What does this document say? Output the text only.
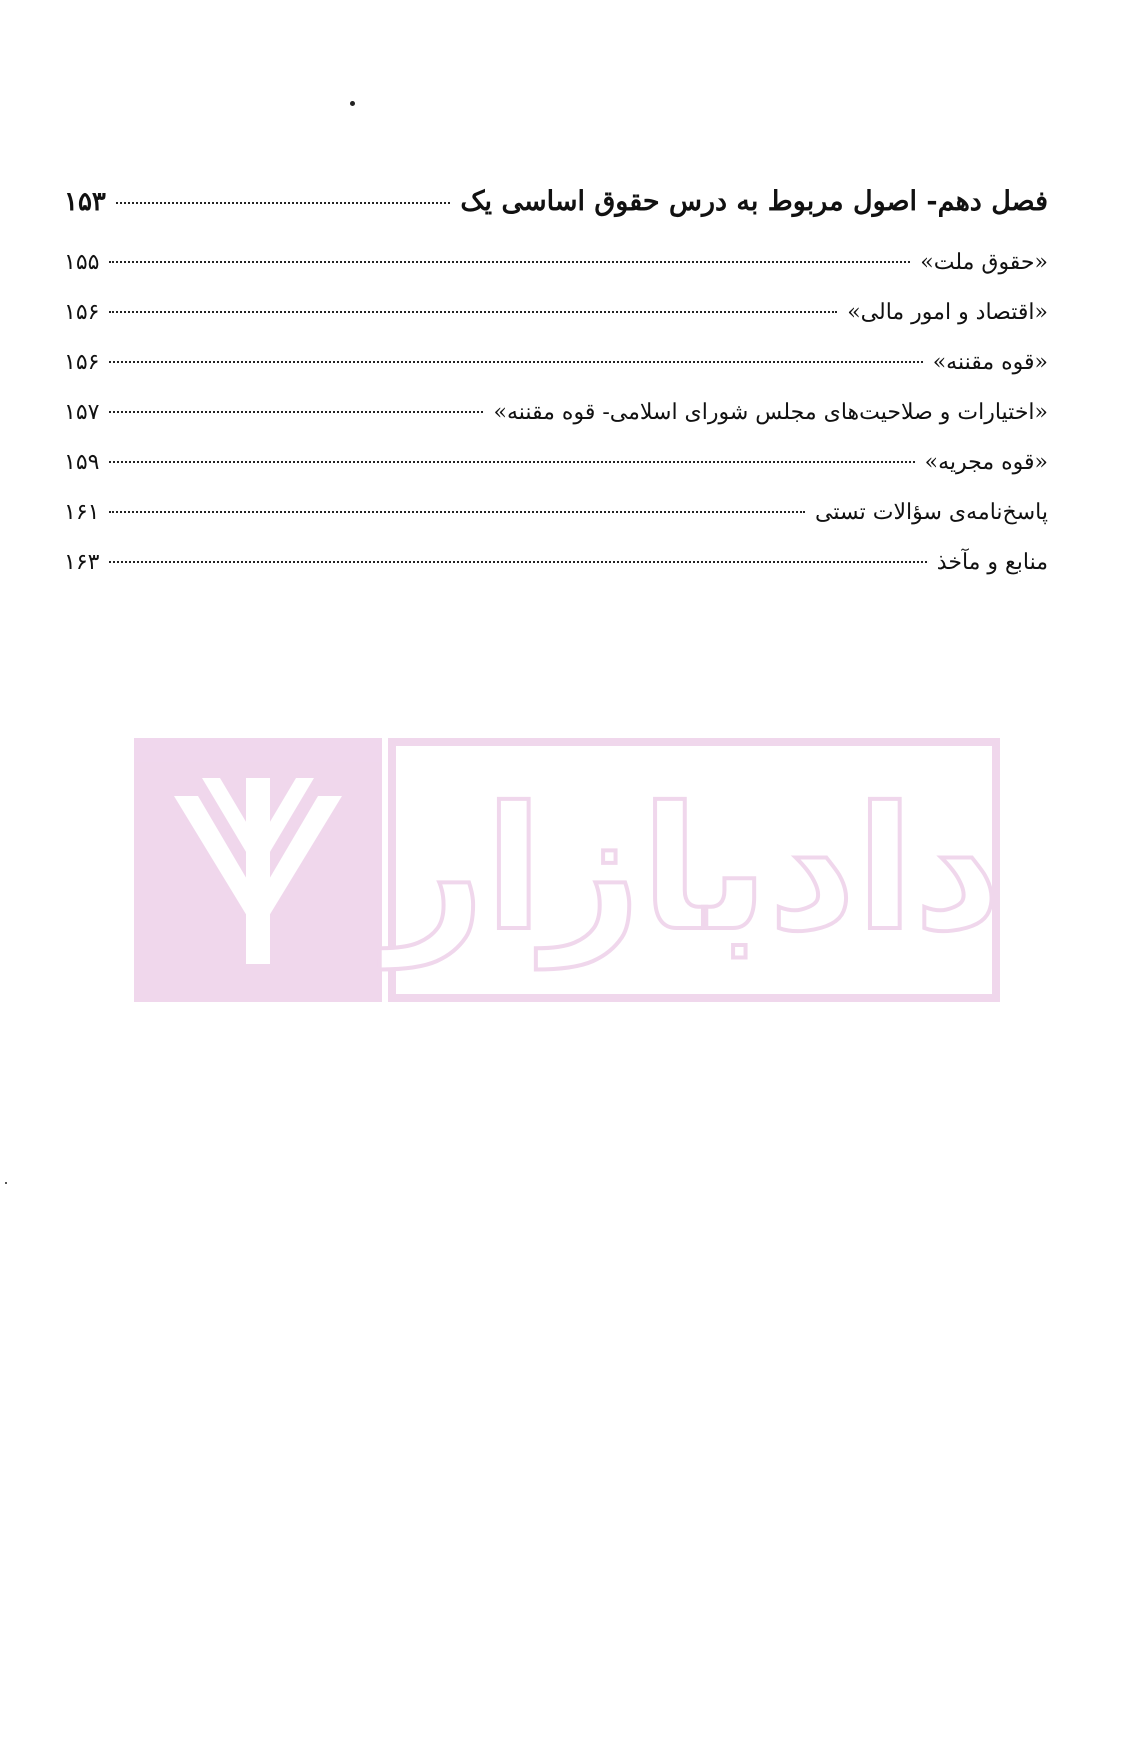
فصل دهم- اصول مربوط به درس حقوق اساسی یک
۱۵۳
«حقوق ملت»
۱۵۵
«اقتصاد و امور مالی»
۱۵۶
«قوه مقننه»
۱۵۶
«اختیارات و صلاحیت‌های مجلس شورای اسلامی- قوه مقننه»
۱۵۷
«قوه مجریه»
۱۵۹
پاسخ‌نامه‌ی سؤالات تستی
۱۶۱
منابع و مآخذ
۱۶۳
دادبازار
